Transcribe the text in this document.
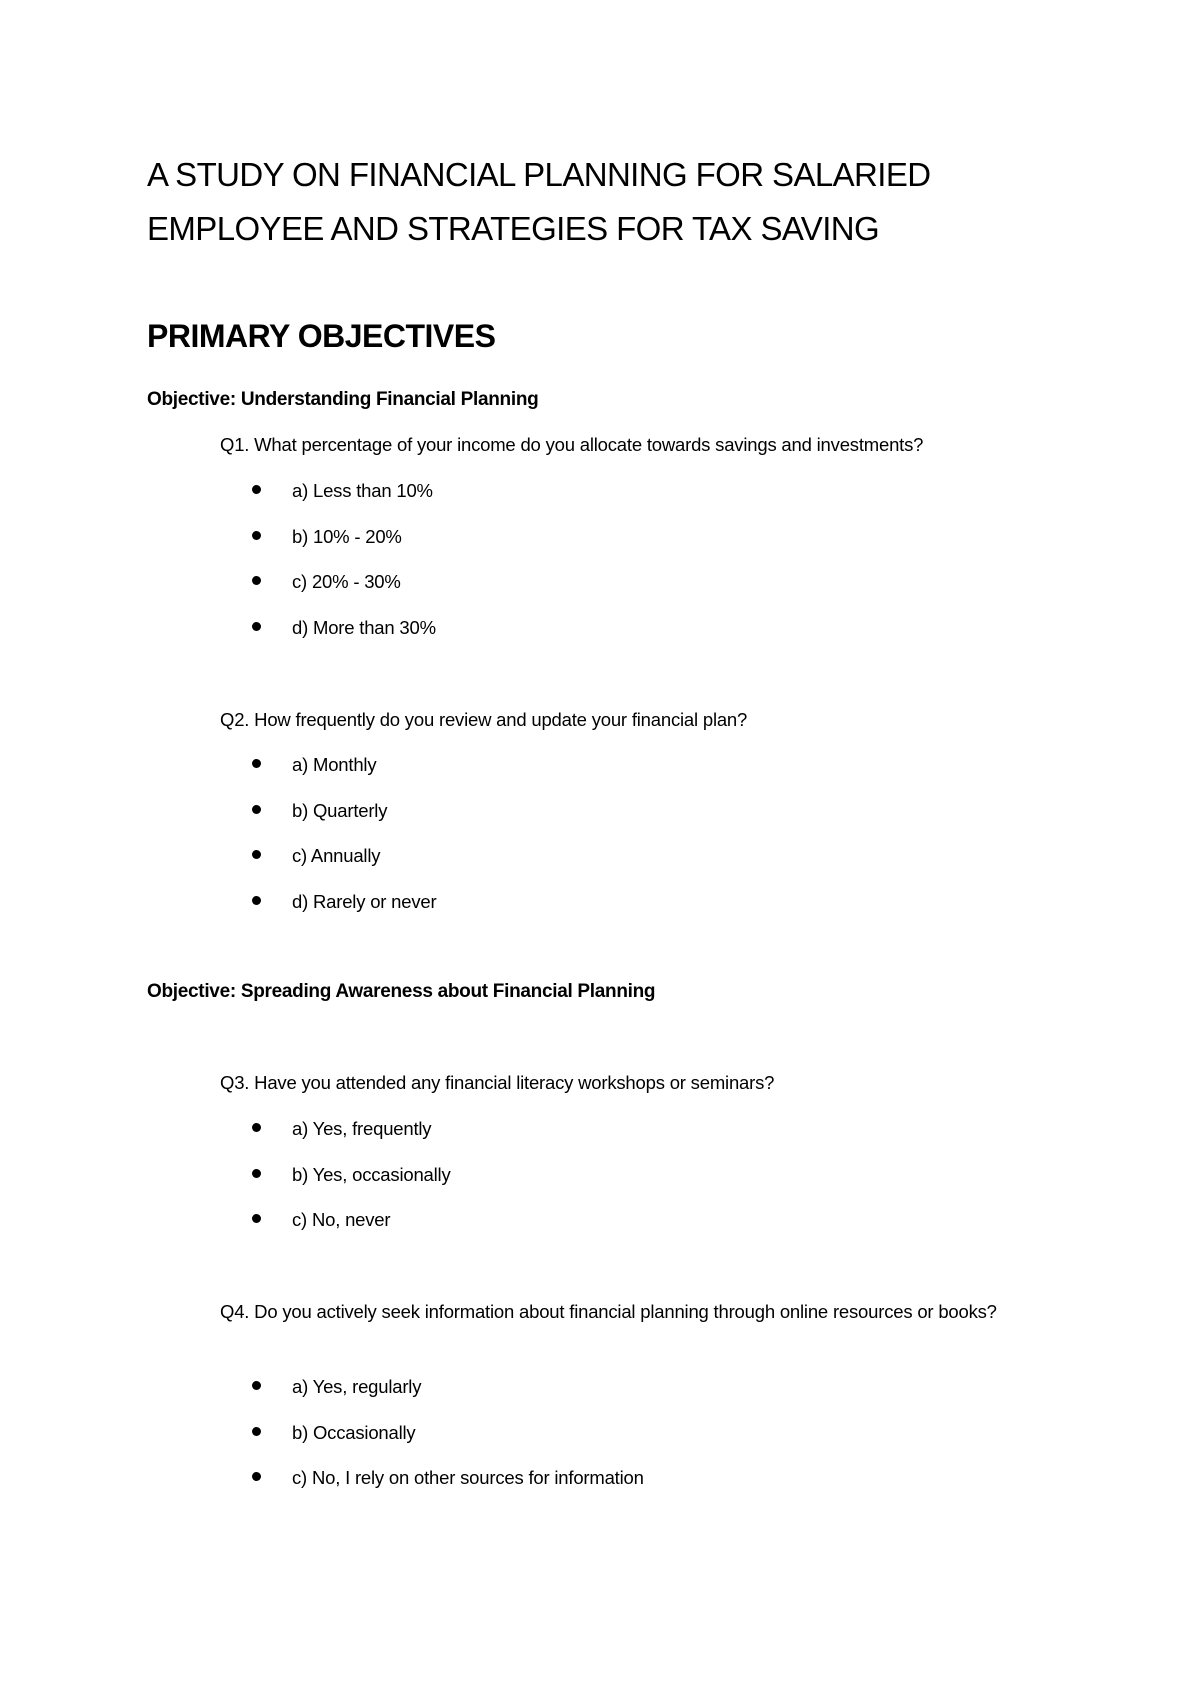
A STUDY ON FINANCIAL PLANNING FOR SALARIED
EMPLOYEE AND STRATEGIES FOR TAX SAVING
PRIMARY OBJECTIVES
Objective: Understanding Financial Planning
Q1. What percentage of your income do you allocate towards savings and investments?
a) Less than 10%
b) 10% - 20%
c) 20% - 30%
d) More than 30%
Q2. How frequently do you review and update your financial plan?
a) Monthly
b) Quarterly
c) Annually
d) Rarely or never
Objective: Spreading Awareness about Financial Planning
Q3. Have you attended any financial literacy workshops or seminars?
a) Yes, frequently
b) Yes, occasionally
c) No, never
Q4. Do you actively seek information about financial planning through online resources or books?
a) Yes, regularly
b) Occasionally
c) No, I rely on other sources for information
